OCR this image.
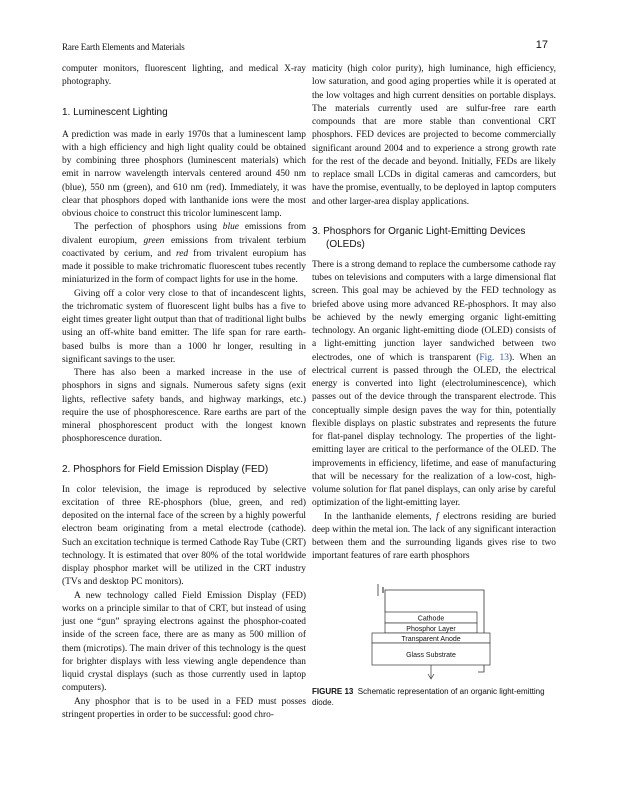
Rare Earth Elements and Materials	17

computer monitors, fluorescent lighting, and medical X-ray photography.

1. Luminescent Lighting

A prediction was made in early 1970s that a luminescent lamp with a high efficiency and high light quality could be obtained by combining three phosphors (luminescent materials) which emit in narrow wavelength intervals centered around 450 nm (blue), 550 nm (green), and 610 nm (red). Immediately, it was clear that phosphors doped with lanthanide ions were the most obvious choice to construct this tricolor luminescent lamp.

The perfection of phosphors using blue emissions from divalent europium, green emissions from trivalent terbium coactivated by cerium, and red from trivalent europium has made it possible to make trichromatic fluorescent tubes recently miniaturized in the form of compact lights for use in the home.

Giving off a color very close to that of incandescent lights, the trichromatic system of fluorescent light bulbs has a five to eight times greater light output than that of traditional light bulbs using an off-white band emitter. The life span for rare earth-based bulbs is more than a 1000 hr longer, resulting in significant savings to the user.

There has also been a marked increase in the use of phosphors in signs and signals. Numerous safety signs (exit lights, reflective safety bands, and highway markings, etc.) require the use of phosphorescence. Rare earths are part of the mineral phosphorescent product with the longest known phosphorescence duration.

2. Phosphors for Field Emission Display (FED)

In color television, the image is reproduced by selective excitation of three RE-phosphors (blue, green, and red) deposited on the internal face of the screen by a highly powerful electron beam originating from a metal electrode (cathode). Such an excitation technique is termed Cathode Ray Tube (CRT) technology. It is estimated that over 80% of the total worldwide display phosphor market will be utilized in the CRT industry (TVs and desktop PC monitors).

A new technology called Field Emission Display (FED) works on a principle similar to that of CRT, but instead of using just one “gun” spraying electrons against the phosphor-coated inside of the screen face, there are as many as 500 million of them (microtips). The main driver of this technology is the quest for brighter displays with less viewing angle dependence than liquid crystal displays (such as those currently used in laptop computers).

Any phosphor that is to be used in a FED must posses stringent properties in order to be successful: good chro-

maticity (high color purity), high luminance, high efficiency, low saturation, and good aging properties while it is operated at the low voltages and high current densities on portable displays. The materials currently used are sulfur-free rare earth compounds that are more stable than conventional CRT phosphors. FED devices are projected to become commercially significant around 2004 and to experience a strong growth rate for the rest of the decade and beyond. Initially, FEDs are likely to replace small LCDs in digital cameras and camcorders, but have the promise, eventually, to be deployed in laptop computers and other larger-area display applications.

3. Phosphors for Organic Light-Emitting Devices (OLEDs)

There is a strong demand to replace the cumbersome cathode ray tubes on televisions and computers with a large dimensional flat screen. This goal may be achieved by the FED technology as briefed above using more advanced RE-phosphors. It may also be achieved by the newly emerging organic light-emitting technology. An organic light-emitting diode (OLED) consists of a light-emitting junction layer sandwiched between two electrodes, one of which is transparent (Fig. 13). When an electrical current is passed through the OLED, the electrical energy is converted into light (electroluminescence), which passes out of the device through the transparent electrode. This conceptually simple design paves the way for thin, potentially flexible displays on plastic substrates and represents the future for flat-panel display technology. The properties of the light-emitting layer are critical to the performance of the OLED. The improvements in efficiency, lifetime, and ease of manufacturing that will be necessary for the realization of a low-cost, high-volume solution for flat panel displays, can only arise by careful optimization of the light-emitting layer.

In the lanthanide elements, f electrons residing are buried deep within the metal ion. The lack of any significant interaction between them and the surrounding ligands gives rise to two important features of rare earth phosphors

Cathode
Phosphor Layer
Transparent Anode
Glass Substrate
FIGURE 13 Schematic representation of an organic light-emitting diode.
